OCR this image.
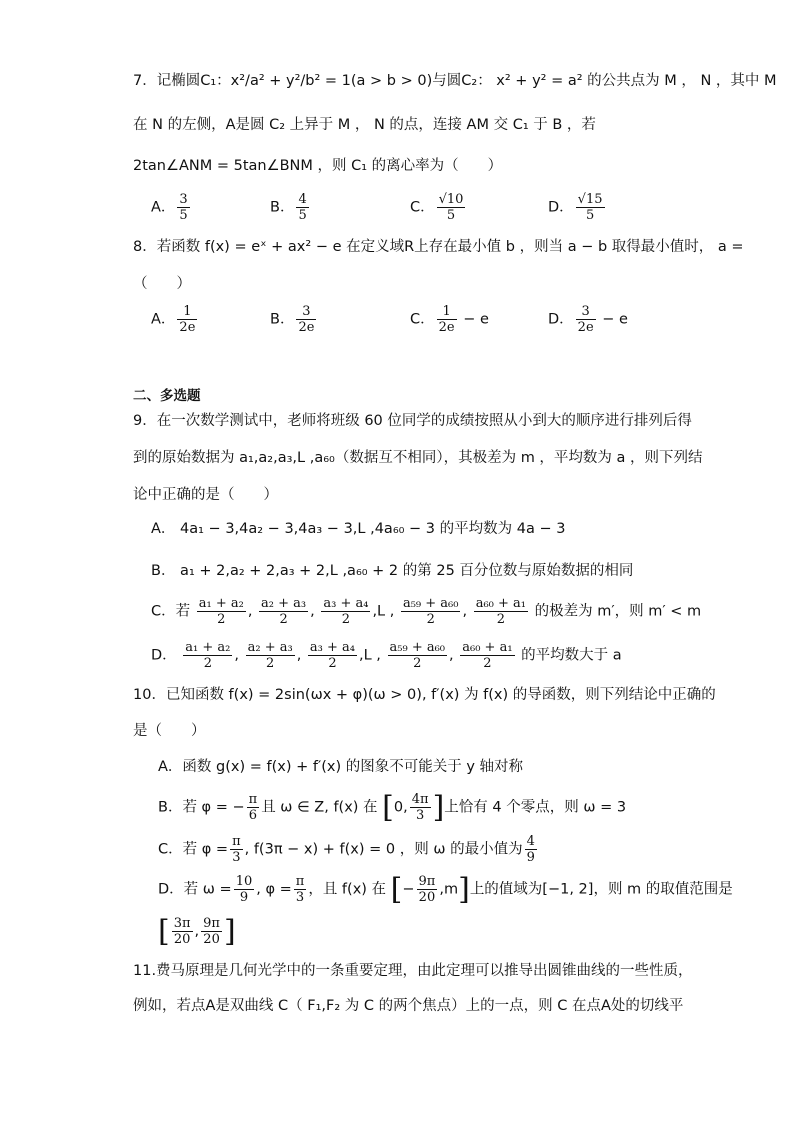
7．记椭圆C₁：x²/a² + y²/b² = 1(a > b > 0)与圆C₂： x² + y² = a² 的公共点为 M ， N ，其中 M
在 N 的左侧，A是圆 C₂ 上异于 M ， N 的点，连接 AM 交 C₁ 于 B ，若
2tan∠ANM = 5tan∠BNM ，则 C₁ 的离心率为（　　）
A． $\frac{3}{5}$	B． $\frac{4}{5}$	C． $\frac{√10}{5}$	D． $\frac{√15}{5}$
8．若函数 f(x) = eˣ + ax² − e 在定义域R上存在最小值 b ，则当 a − b 取得最小值时， a =
（　　）
A． $\frac{1}{2e}$	B． $\frac{3}{2e}$	C． $\frac{1}{2e} - e$	D． $\frac{3}{2e} - e$
二、多选题
9．在一次数学测试中，老师将班级 60 位同学的成绩按照从小到大的顺序进行排列后得
到的原始数据为 a₁,a₂,a₃,L ,a₆₀（数据互不相同），其极差为 m ，平均数为 a ，则下列结
论中正确的是（　　）
A． 4a₁ − 3,4a₂ − 3,4a₃ − 3,L ,4a₆₀ − 3 的平均数为 4a − 3
B． a₁ + 2,a₂ + 2,a₃ + 2,L ,a₆₀ + 2 的第 25 百分位数与原始数据的相同
C．若 $\frac{\text{a₁ + a₂}}{2}$ , $\frac{\text{a₂ + a₃}}{2}$ , $\frac{\text{a₃ + a₄}}{2} ,L$ , $\frac{\text{a₅₉ + a₆₀}}{2}$ , $\frac{\text{a₆₀ + a₁}}{2}$ 的极差为 m′，则 m′ < m
D． $\frac{\text{a₁ + a₂}}{2}$ , $\frac{\text{a₂ + a₃}}{2}$ , $\frac{\text{a₃ + a₄}}{2} ,L$ , $\frac{\text{a₅₉ + a₆₀}}{2}$ , $\frac{\text{a₆₀ + a₁}}{2}$ 的平均数大于 a
10．已知函数 f(x) = 2sin(ωx + φ)(ω > 0), f′(x) 为 f(x) 的导函数，则下列结论中正确的
是（　　）
A．函数 g(x) = f(x) + f′(x) 的图象不可能关于 y 轴对称
B．若 φ = − $\frac{\pi}{6}$ 且 ω ∈ Z, f(x) 在 [0, $\frac{4\pi}{3}$ ]上恰有 4 个零点，则 ω = 3
C．若 $\varphi = \frac{\pi}{3}$ , f(3π − x) + f(x) = 0 ，则 ω 的最小值为 $\frac{4}{9}$
D．若 $\omega = \frac{10}{9}$ , $\varphi = \frac{\pi}{3}$ ，且 f(x) 在 [− $\frac{9\pi}{20} ,m$]上的值域为[−1, 2]，则 m 的取值范围是
[ $\frac{3\pi}{20}$ , $\frac{9\pi}{20}$ ]
11.费马原理是几何光学中的一条重要定理，由此定理可以推导出圆锥曲线的一些性质，
例如，若点A是双曲线 C（ F₁,F₂ 为 C 的两个焦点）上的一点，则 C 在点A处的切线平
